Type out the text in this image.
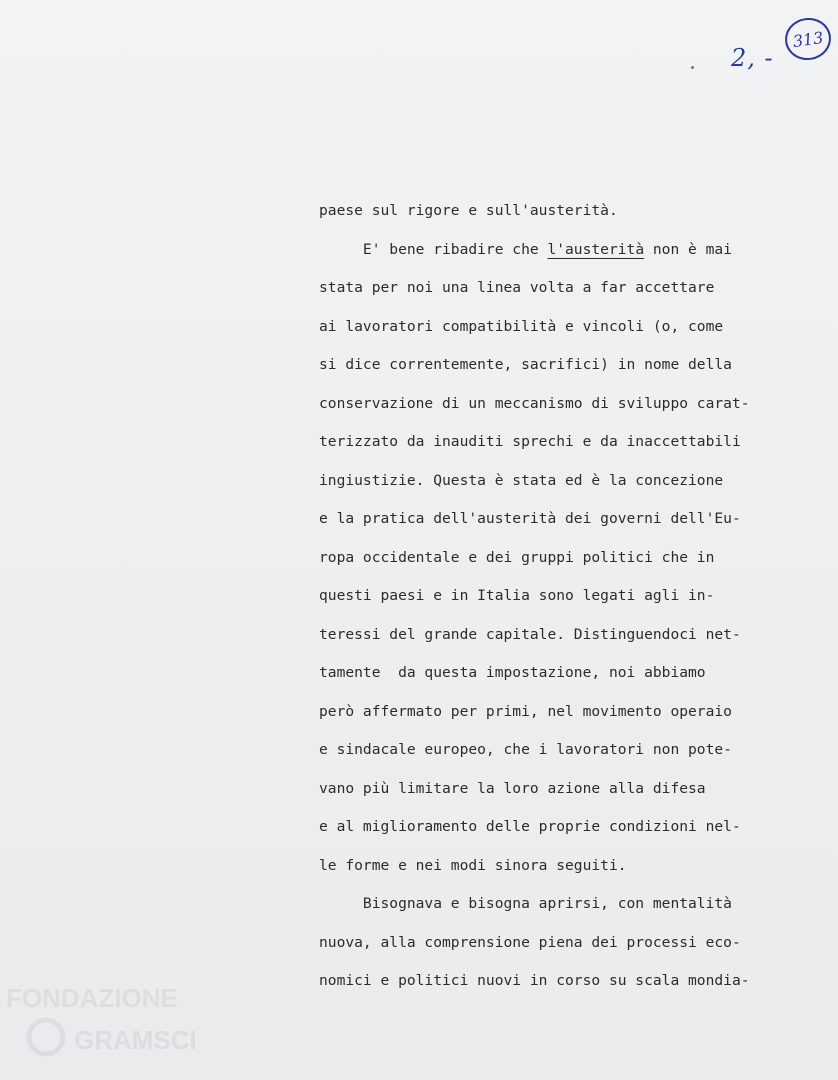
2, -
313
paese sul rigore e sull'austerità.
E' bene ribadire che l'austerità non è mai
stata per noi una linea volta a far accettare
ai lavoratori compatibilità e vincoli (o, come
si dice correntemente, sacrifici) in nome della
conservazione di un meccanismo di sviluppo carat-
terizzato da inauditi sprechi e da inaccettabili
ingiustizie. Questa è stata ed è la concezione
e la pratica dell'austerità dei governi dell'Eu-
ropa occidentale e dei gruppi politici che in
questi paesi e in Italia sono legati agli in-
teressi del grande capitale. Distinguendoci net-
tamente  da questa impostazione, noi abbiamo
però affermato per primi, nel movimento operaio
e sindacale europeo, che i lavoratori non pote-
vano più limitare la loro azione alla difesa
e al miglioramento delle proprie condizioni nel-
le forme e nei modi sinora seguiti.
Bisognava e bisogna aprirsi, con mentalità
nuova, alla comprensione piena dei processi eco-
nomici e politici nuovi in corso su scala mondia-
FONDAZIONE
GRAMSCI
